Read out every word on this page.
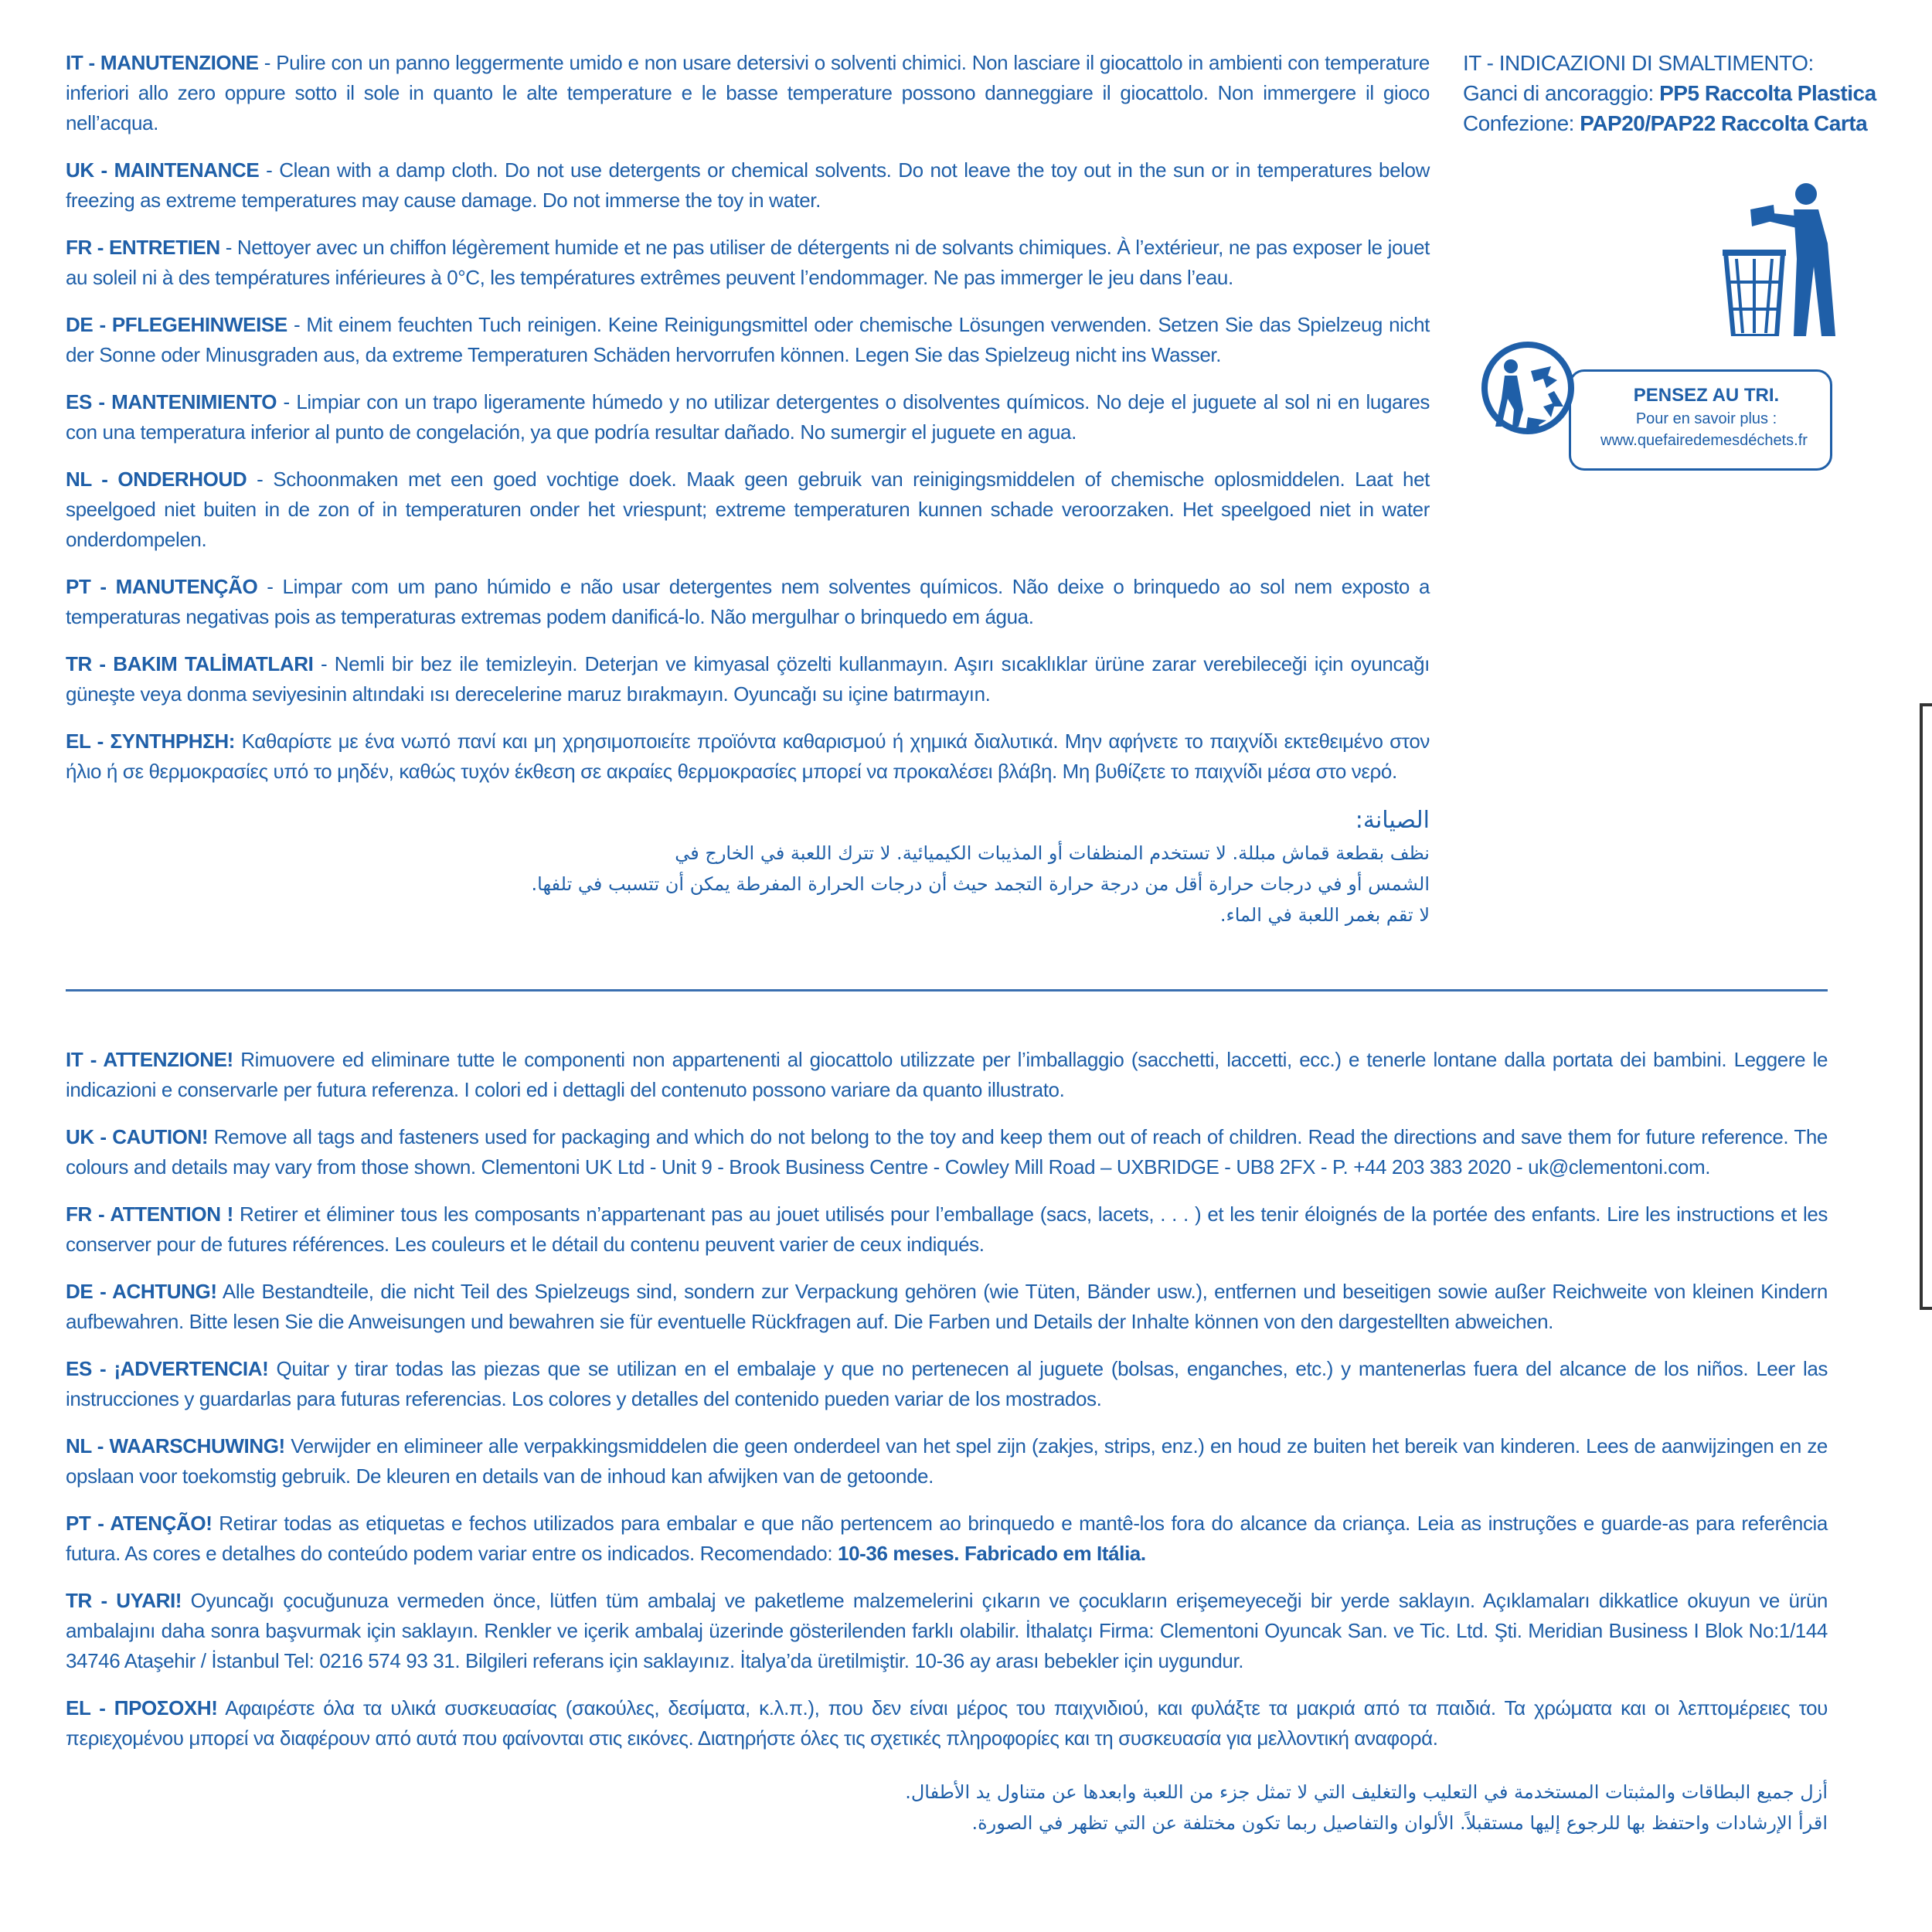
IT - MANUTENZIONE - Pulire con un panno leggermente umido e non usare detersivi o solventi chimici. Non lasciare il giocattolo in ambienti con temperature inferiori allo zero oppure sotto il sole in quanto le alte temperature e le basse temperature possono danneggiare il giocattolo. Non immergere il gioco nell’acqua.

UK - MAINTENANCE - Clean with a damp cloth. Do not use detergents or chemical solvents. Do not leave the toy out in the sun or in temperatures below freezing as extreme temperatures may cause damage. Do not immerse the toy in water.

FR - ENTRETIEN - Nettoyer avec un chiffon légèrement humide et ne pas utiliser de détergents ni de solvants chimiques. À l’extérieur, ne pas exposer le jouet au soleil ni à des températures inférieures à 0°C, les températures extrêmes peuvent l’endommager. Ne pas immerger le jeu dans l’eau.

DE - PFLEGEHINWEISE - Mit einem feuchten Tuch reinigen. Keine Reinigungsmittel oder chemische Lösungen verwenden. Setzen Sie das Spielzeug nicht der Sonne oder Minusgraden aus, da extreme Temperaturen Schäden hervorrufen können. Legen Sie das Spielzeug nicht ins Wasser.

ES - MANTENIMIENTO - Limpiar con un trapo ligeramente húmedo y no utilizar detergentes o disolventes químicos. No deje el juguete al sol ni en lugares con una temperatura inferior al punto de congelación, ya que podría resultar dañado. No sumergir el juguete en agua.

NL - ONDERHOUD - Schoonmaken met een goed vochtige doek. Maak geen gebruik van reinigingsmiddelen of chemische oplosmiddelen. Laat het speelgoed niet buiten in de zon of in temperaturen onder het vriespunt; extreme temperaturen kunnen schade veroorzaken. Het speelgoed niet in water onderdompelen.

PT - MANUTENÇÃO - Limpar com um pano húmido e não usar detergentes nem solventes químicos. Não deixe o brinquedo ao sol nem exposto a temperaturas negativas pois as temperaturas extremas podem danificá-lo. Não mergulhar o brinquedo em água.

TR - BAKIM TALİMATLARI - Nemli bir bez ile temizleyin. Deterjan ve kimyasal çözelti kullanmayın. Aşırı sıcaklıklar ürüne zarar verebileceği için oyuncağı güneşte veya donma seviyesinin altındaki ısı derecelerine maruz bırakmayın. Oyuncağı su içine batırmayın.

EL - ΣΥΝΤΗΡΗΣΗ: Καθαρίστε με ένα νωπό πανί και μη χρησιμοποιείτε προϊόντα καθαρισμού ή χημικά διαλυτικά. Μην αφήνετε το παιχνίδι εκτεθειμένο στον ήλιο ή σε θερμοκρασίες υπό το μηδέν, καθώς τυχόν έκθεση σε ακραίες θερμοκρασίες μπορεί να προκαλέσει βλάβη. Μη βυθίζετε το παιχνίδι μέσα στο νερό.

الصيانة:
نظف بقطعة قماش مبللة. لا تستخدم المنظفات أو المذيبات الكيميائية. لا تترك اللعبة في الخارج في
الشمس أو في درجات حرارة أقل من درجة حرارة التجمد حيث أن درجات الحرارة المفرطة يمكن أن تتسبب في تلفها.
لا تقم بغمر اللعبة في الماء.
IT - INDICAZIONI DI SMALTIMENTO:
Ganci di ancoraggio: PP5 Raccolta Plastica
Confezione: PAP20/PAP22 Raccolta Carta
PENSEZ AU TRI.
Pour en savoir plus :
www.quefairedemesdéchets.fr

IT - ATTENZIONE! Rimuovere ed eliminare tutte le componenti non appartenenti al giocattolo utilizzate per l’imballaggio (sacchetti, laccetti, ecc.) e tenerle lontane dalla portata dei bambini. Leggere le indicazioni e conservarle per futura referenza. I colori ed i dettagli del contenuto possono variare da quanto illustrato.

UK - CAUTION! Remove all tags and fasteners used for packaging and which do not belong to the toy and keep them out of reach of children. Read the directions and save them for future reference. The colours and details may vary from those shown. Clementoni UK Ltd - Unit 9 - Brook Business Centre - Cowley Mill Road – UXBRIDGE - UB8 2FX - P. +44 203 383 2020 - uk@clementoni.com.

FR - ATTENTION ! Retirer et éliminer tous les composants n’appartenant pas au jouet utilisés pour l’emballage (sacs, lacets, . . . ) et les tenir éloignés de la portée des enfants. Lire les instructions et les conserver pour de futures références. Les couleurs et le détail du contenu peuvent varier de ceux indiqués.

DE - ACHTUNG! Alle Bestandteile, die nicht Teil des Spielzeugs sind, sondern zur Verpackung gehören (wie Tüten, Bänder usw.), entfernen und beseitigen sowie außer Reichweite von kleinen Kindern aufbewahren. Bitte lesen Sie die Anweisungen und bewahren sie für eventuelle Rückfragen auf. Die Farben und Details der Inhalte können von den dargestellten abweichen.

ES - ¡ADVERTENCIA! Quitar y tirar todas las piezas que se utilizan en el embalaje y que no pertenecen al juguete (bolsas, enganches, etc.) y mantenerlas fuera del alcance de los niños. Leer las instrucciones y guardarlas para futuras referencias. Los colores y detalles del contenido pueden variar de los mostrados.

NL - WAARSCHUWING! Verwijder en elimineer alle verpakkingsmiddelen die geen onderdeel van het spel zijn (zakjes, strips, enz.) en houd ze buiten het bereik van kinderen. Lees de aanwijzingen en ze opslaan voor toekomstig gebruik. De kleuren en details van de inhoud kan afwijken van de getoonde.

PT - ATENÇÃO! Retirar todas as etiquetas e fechos utilizados para embalar e que não pertencem ao brinquedo e mantê-los fora do alcance da criança. Leia as instruções e guarde-as para referência futura. As cores e detalhes do conteúdo podem variar entre os indicados. Recomendado: 10-36 meses. Fabricado em Itália.

TR - UYARI! Oyuncağı çocuğunuza vermeden önce, lütfen tüm ambalaj ve paketleme malzemelerini çıkarın ve çocukların erişemeyeceği bir yerde saklayın. Açıklamaları dikkatlice okuyun ve ürün ambalajını daha sonra başvurmak için saklayın. Renkler ve içerik ambalaj üzerinde gösterilenden farklı olabilir. İthalatçı Firma: Clementoni Oyuncak San. ve Tic. Ltd. Şti. Meridian Business I Blok No:1/144 34746 Ataşehir / İstanbul Tel: 0216 574 93 31. Bilgileri referans için saklayınız. İtalya’da üretilmiştir. 10-36 ay arası bebekler için uygundur.

EL - ΠΡΟΣΟΧΗ! Αφαιρέστε όλα τα υλικά συσκευασίας (σακούλες, δεσίματα, κ.λ.π.), που δεν είναι μέρος του παιχνιδιού, και φυλάξτε τα μακριά από τα παιδιά. Τα χρώματα και οι λεπτομέρειες του περιεχομένου μπορεί να διαφέρουν από αυτά που φαίνονται στις εικόνες. Διατηρήστε όλες τις σχετικές πληροφορίες και τη συσκευασία για μελλοντική αναφορά.

أزل جميع البطاقات والمثبتات المستخدمة في التعليب والتغليف التي لا تمثل جزء من اللعبة وابعدها عن متناول يد الأطفال.
اقرأ الإرشادات واحتفظ بها للرجوع إليها مستقبلاً. الألوان والتفاصيل ربما تكون مختلفة عن التي تظهر في الصورة.
